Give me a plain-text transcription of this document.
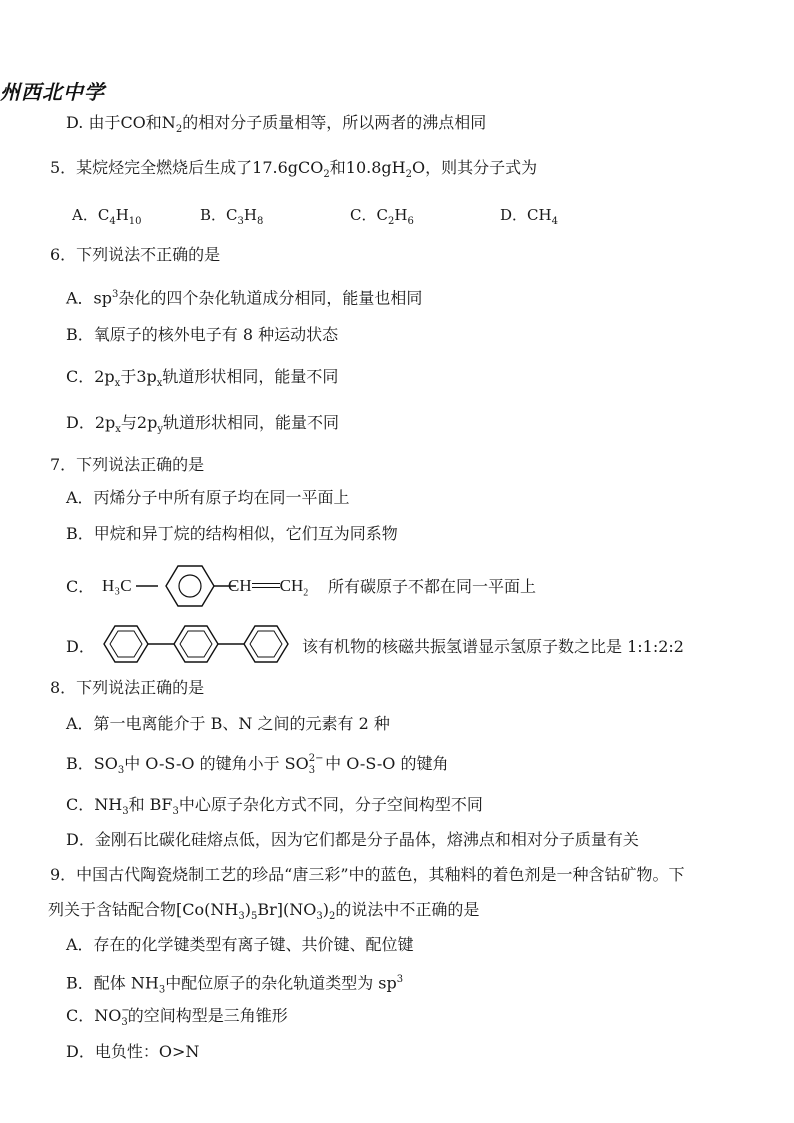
州西北中学
D. 由于CO和$N_2$的相对分子质量相等，所以两者的沸点相同
5．某烷烃完全燃烧后生成了17.6gCO$_2$和$10.8gH_2O$，则其分子式为
A．$C_4H_{10}$	B．$C_3H_8$	C．$C_2H_6$	D．$CH_4$
6．下列说法不正确的是
A．$sp^3$杂化的四个杂化轨道成分相同，能量也相同
B．氧原子的核外电子有 8 种运动状态
C．$2p_x$于$3p_x$轨道形状相同，能量不同
D．$2p_x$与$2p_y$轨道形状相同，能量不同
7．下列说法正确的是
A．丙烯分子中所有原子均在同一平面上
B．甲烷和异丁烷的结构相似，它们互为同系物
C． H₃C	CH $CH_2$ 所有碳原子不都在同一平面上
D．	该有机物的核磁共振氢谱显示氢原子数之比是 1:1:2:2
8．下列说法正确的是
A．第一电离能介于 B、N 之间的元素有 2 种
B．$SO_3$中 O-S-O 的键角小于 $SO_3$
2− 中 O-S-O 的键角
C．$NH_3$和 $BF_3$中心原子杂化方式不同，分子空间构型不同
D．金刚石比碳化硅熔点低，因为它们都是分子晶体，熔沸点和相对分子质量有关
9．中国古代陶瓷烧制工艺的珍品“唐三彩”中的蓝色，其釉料的着色剂是一种含钴矿物。下
列关于含钴配合物$[Co(NH_3)_5Br](NO_3)_2$的说法中不正确的是
A．存在的化学键类型有离子键、共价键、配位键
B．配体 $NH_3$中配位原子的杂化轨道类型为 $sp^3$
C．$NO_3$
−
的空间构型是三角锥形
D．电负性：O>N
